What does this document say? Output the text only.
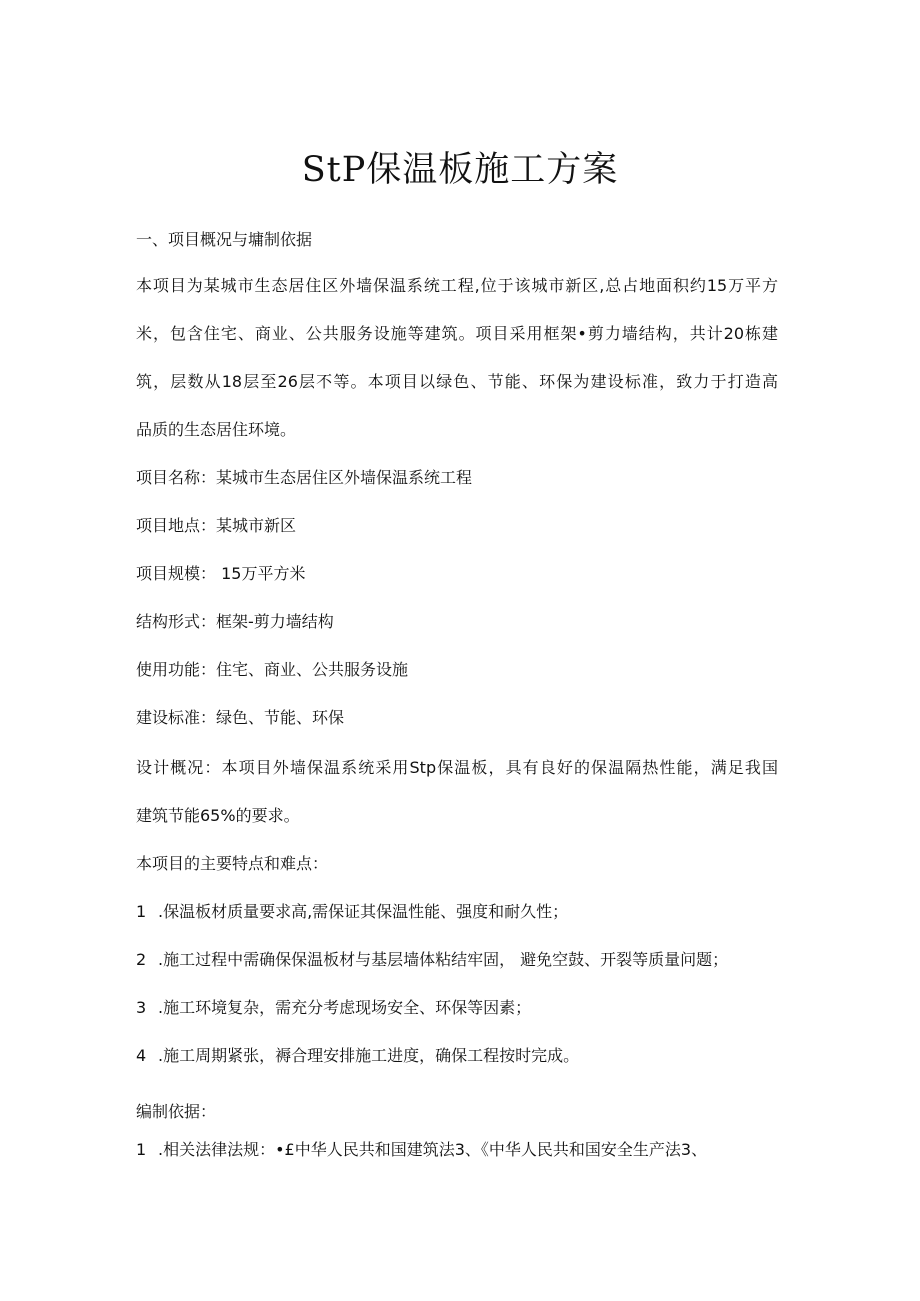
StP保温板施工方案
一、项目概况与墉制依据
本项目为某城市生态居住区外墙保温系统工程,位于该城市新区,总占地面积约15万平方
米，包含住宅、商业、公共服务设施等建筑。项目采用框架•剪力墙结构，共计20栋建
筑，层数从18层至26层不等。本项目以绿色、节能、环保为建设标准，致力于打造高
品质的生态居住环境。
项目名称：某城市生态居住区外墙保温系统工程
项目地点：某城市新区
项目规模： 15万平方米
结构形式：框架-剪力墙结构
使用功能：住宅、商业、公共服务设施
建设标准：绿色、节能、环保
设计概况：本项目外墙保温系统采用Stp保温板，具有良好的保温隔热性能，满足我国
建筑节能65%的要求。
本项目的主要特点和难点：
1 .保温板材质量要求高,需保证其保温性能、强度和耐久性；
2 .施工过程中需确保保温板材与基层墙体粘结牢固， 避免空鼓、开裂等质量问题；
3 .施工环境复杂，需充分考虑现场安全、环保等因素；
4 .施工周期紧张，褥合理安排施工进度，确保工程按时完成。
编制依据：
1 .相关法律法规：•£中华人民共和国建筑法3、《中华人民共和国安全生产法3、
